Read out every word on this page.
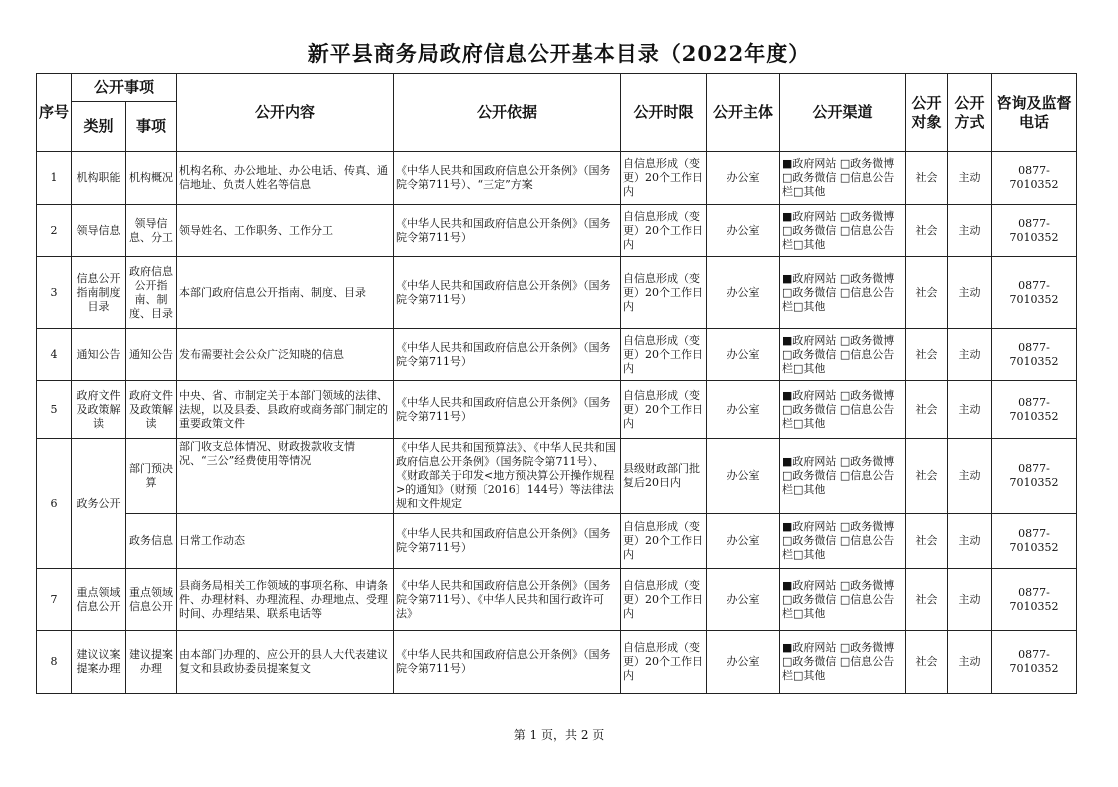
新平县商务局政府信息公开基本目录（2022年度）
序号	公开事项		公开内容	公开依据	公开时限	公开主体	公开渠道	公开对象	公开方式	咨询及监督电话
	类别	事项								
1	机构职能	机构概况	机构名称、办公地址、办公电话、传真、通信地址、负责人姓名等信息	《中华人民共和国政府信息公开条例》（国务院令第711号）、“三定”方案	自信息形成（变更）20个工作日内	办公室	■政府网站 □政务微博
□政务微信 □信息公告
栏□其他	社会	主动	0877-7010352
2	领导信息	领导信息、分工	领导姓名、工作职务、工作分工	《中华人民共和国政府信息公开条例》（国务院令第711号）	自信息形成（变更）20个工作日内	办公室	■政府网站 □政务微博
□政务微信 □信息公告
栏□其他	社会	主动	0877-7010352
3	信息公开指南制度目录	政府信息公开指南、制度、目录	本部门政府信息公开指南、制度、目录	《中华人民共和国政府信息公开条例》（国务院令第711号）	自信息形成（变更）20个工作日内	办公室	■政府网站 □政务微博
□政务微信 □信息公告
栏□其他	社会	主动	0877-7010352
4	通知公告	通知公告	发布需要社会公众广泛知晓的信息	《中华人民共和国政府信息公开条例》（国务院令第711号）	自信息形成（变更）20个工作日内	办公室	■政府网站 □政务微博
□政务微信 □信息公告
栏□其他	社会	主动	0877-7010352
5	政府文件及政策解读	政府文件及政策解读	中央、省、市制定关于本部门领域的法律、法规，以及县委、县政府或商务部门制定的重要政策文件	《中华人民共和国政府信息公开条例》（国务院令第711号）	自信息形成（变更）20个工作日内	办公室	■政府网站 □政务微博
□政务微信 □信息公告
栏□其他	社会	主动	0877-7010352
6	政务公开	部门预决算	部门收支总体情况、财政拨款收支情况、“三公”经费使用等情况	《中华人民共和国预算法》、《中华人民共和国政府信息公开条例》（国务院令第711号）、《财政部关于印发<地方预决算公开操作规程>的通知》（财预〔2016〕144号）等法律法规和文件规定	县级财政部门批复后20日内	办公室	■政府网站 □政务微博
□政务微信 □信息公告
栏□其他	社会	主动	0877-7010352
		政务信息	日常工作动态	《中华人民共和国政府信息公开条例》（国务院令第711号）	自信息形成（变更）20个工作日内	办公室	■政府网站 □政务微博
□政务微信 □信息公告
栏□其他	社会	主动	0877-7010352
7	重点领域信息公开	重点领域信息公开	县商务局相关工作领域的事项名称、申请条件、办理材料、办理流程、办理地点、受理时间、办理结果、联系电话等	《中华人民共和国政府信息公开条例》（国务院令第711号）、《中华人民共和国行政许可法》	自信息形成（变更）20个工作日内	办公室	■政府网站 □政务微博
□政务微信 □信息公告
栏□其他	社会	主动	0877-7010352
8	建议议案提案办理	建议提案办理	由本部门办理的、应公开的县人大代表建议复文和县政协委员提案复文	《中华人民共和国政府信息公开条例》（国务院令第711号）	自信息形成（变更）20个工作日内	办公室	■政府网站 □政务微博
□政务微信 □信息公告
栏□其他	社会	主动	0877-7010352
第 1 页，共 2 页
